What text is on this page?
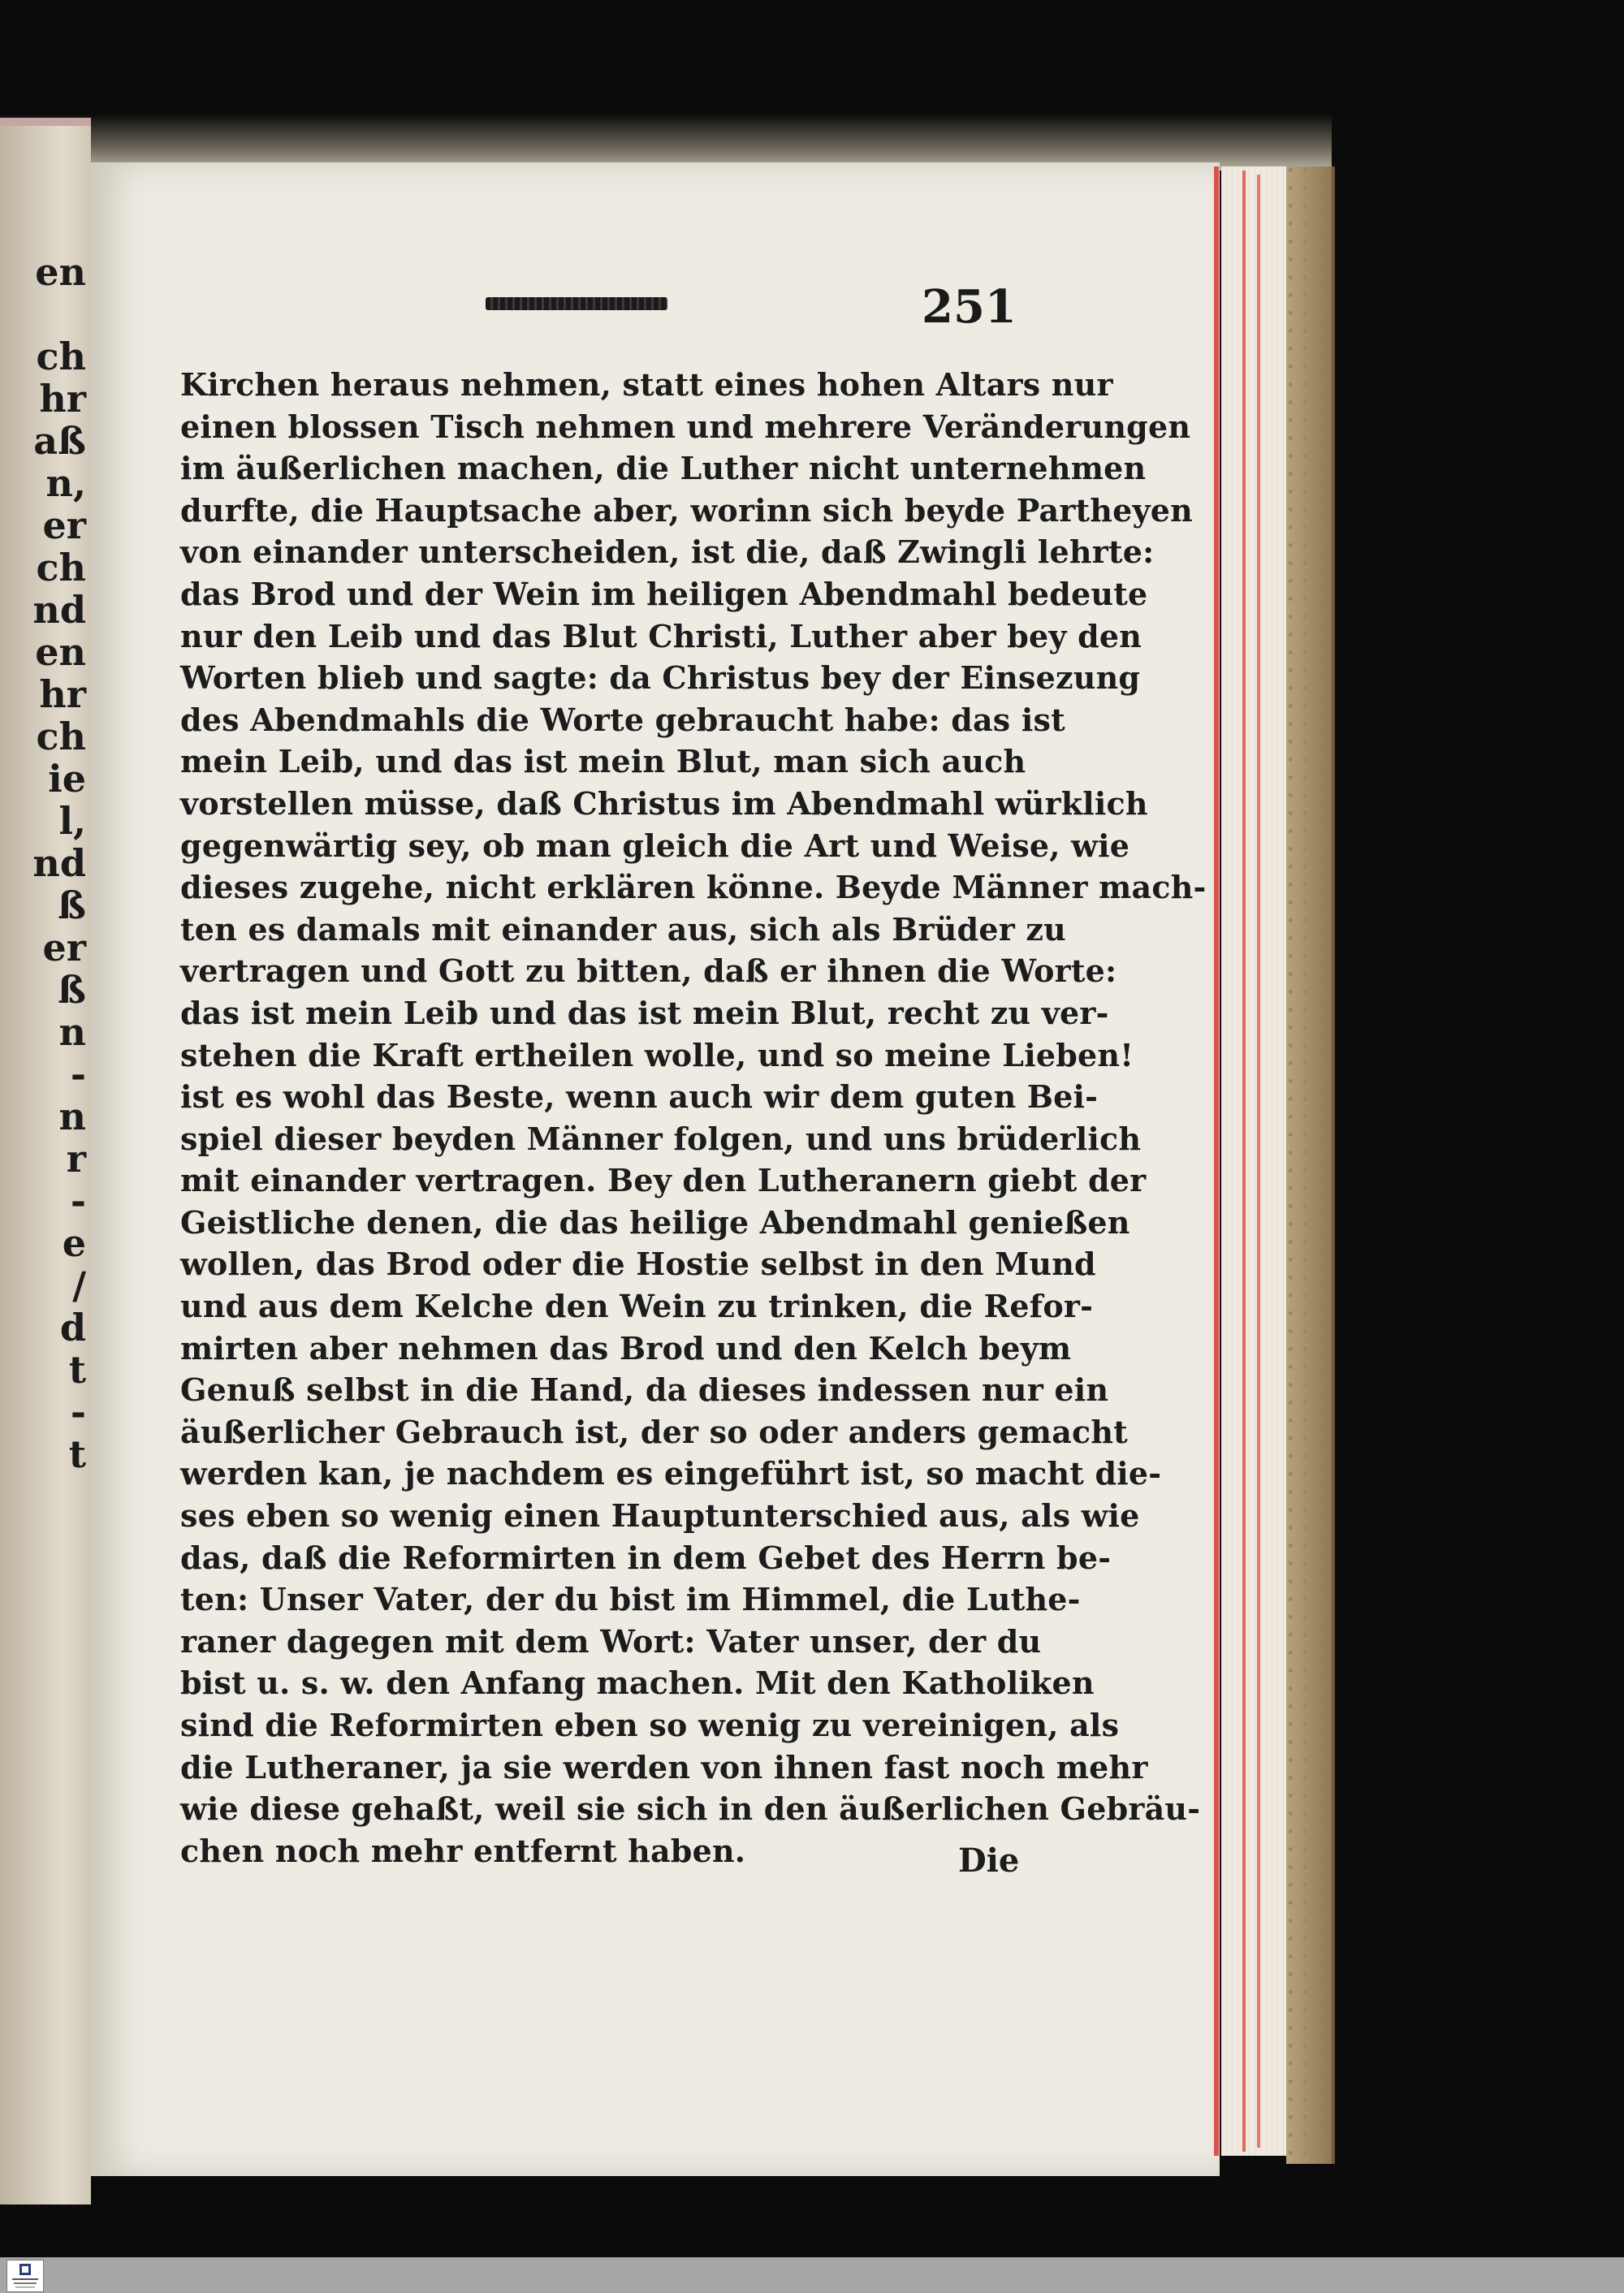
en
ch
hr
aß
n,
er
ch
nd
en
hr
ch
ie
l,
nd
ß
er
ß
n
-
n
r
-
e
/
d
t
-
t
251
Kirchen heraus nehmen, statt eines hohen Altars nur
einen blossen Tisch nehmen und mehrere Veränderungen
im äußerlichen machen, die Luther nicht unternehmen
durfte, die Hauptsache aber, worinn sich beyde Partheyen
von einander unterscheiden, ist die, daß Zwingli lehrte:
das Brod und der Wein im heiligen Abendmahl bedeute
nur den Leib und das Blut Christi, Luther aber bey den
Worten blieb und sagte: da Christus bey der Einsezung
des Abendmahls die Worte gebraucht habe: das ist
mein Leib, und das ist mein Blut, man sich auch
vorstellen müsse, daß Christus im Abendmahl würklich
gegenwärtig sey, ob man gleich die Art und Weise, wie
dieses zugehe, nicht erklären könne. Beyde Männer mach-
ten es damals mit einander aus, sich als Brüder zu
vertragen und Gott zu bitten, daß er ihnen die Worte:
das ist mein Leib und das ist mein Blut, recht zu ver-
stehen die Kraft ertheilen wolle, und so meine Lieben!
ist es wohl das Beste, wenn auch wir dem guten Bei-
spiel dieser beyden Männer folgen, und uns brüderlich
mit einander vertragen. Bey den Lutheranern giebt der
Geistliche denen, die das heilige Abendmahl genießen
wollen, das Brod oder die Hostie selbst in den Mund
und aus dem Kelche den Wein zu trinken, die Refor-
mirten aber nehmen das Brod und den Kelch beym
Genuß selbst in die Hand, da dieses indessen nur ein
äußerlicher Gebrauch ist, der so oder anders gemacht
werden kan, je nachdem es eingeführt ist, so macht die-
ses eben so wenig einen Hauptunterschied aus, als wie
das, daß die Reformirten in dem Gebet des Herrn be-
ten: Unser Vater, der du bist im Himmel, die Luthe-
raner dagegen mit dem Wort: Vater unser, der du
bist u. s. w. den Anfang machen. Mit den Katholiken
sind die Reformirten eben so wenig zu vereinigen, als
die Lutheraner, ja sie werden von ihnen fast noch mehr
wie diese gehaßt, weil sie sich in den äußerlichen Gebräu-
chen noch mehr entfernt haben.	Die
